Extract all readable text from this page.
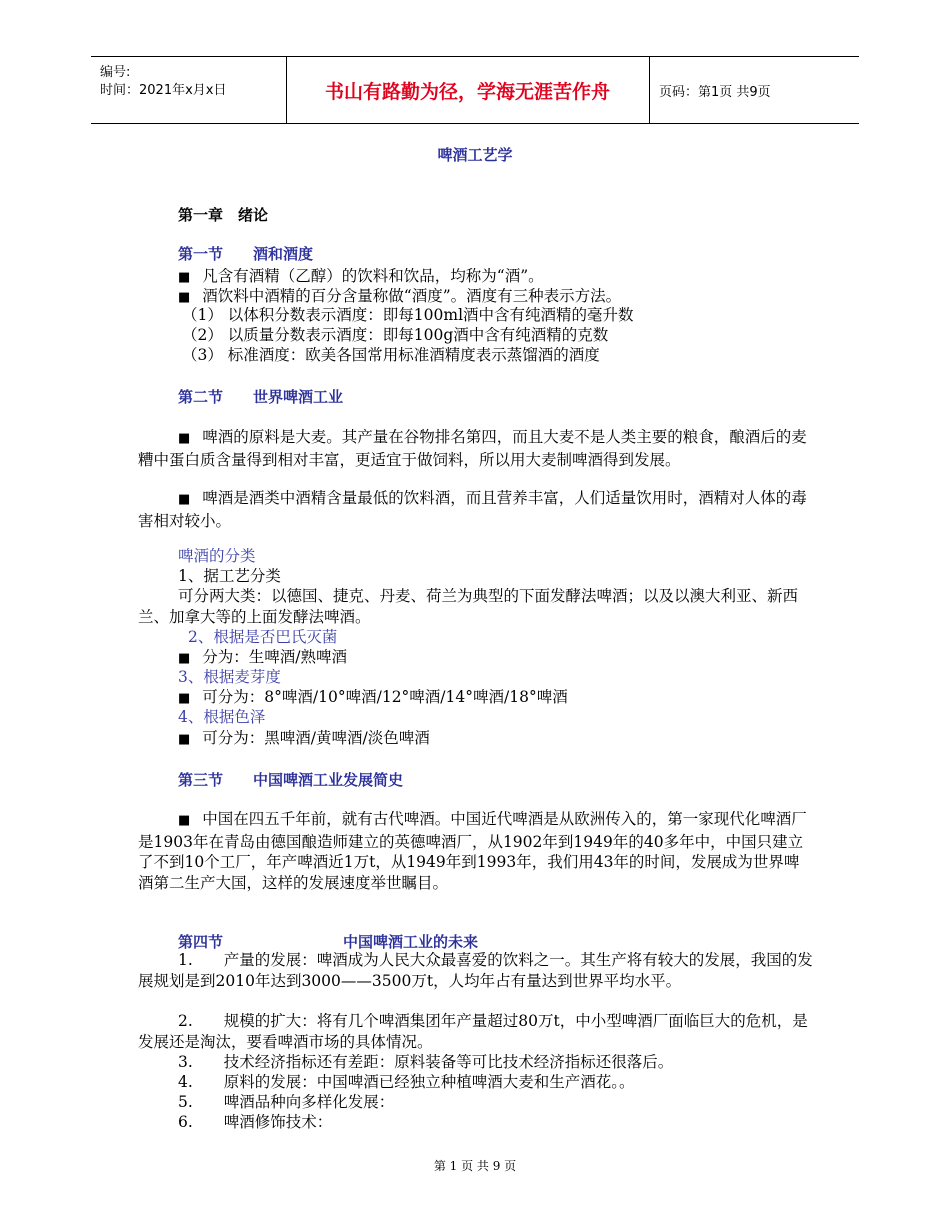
编号:
时间：2021年x月x日	书山有路勤为径，学海无涯苦作舟	页码：第1页 共9页
啤酒工艺学
第一章　绪论
第一节　　酒和酒度
■ 凡含有酒精（乙醇）的饮料和饮品，均称为“酒”。
■ 酒饮料中酒精的百分含量称做“酒度”。酒度有三种表示方法。
（1） 以体积分数表示酒度：即每100ml酒中含有纯酒精的毫升数
（2） 以质量分数表示酒度：即每100g酒中含有纯酒精的克数
（3） 标准酒度：欧美各国常用标准酒精度表示蒸馏酒的酒度
第二节　　世界啤酒工业
■ 啤酒的原料是大麦。其产量在谷物排名第四，而且大麦不是人类主要的粮食，酿酒后的麦糟中蛋白质含量得到相对丰富，更适宜于做饲料，所以用大麦制啤酒得到发展。
■ 啤酒是酒类中酒精含量最低的饮料酒，而且营养丰富，人们适量饮用时，酒精对人体的毒害相对较小。
啤酒的分类
1、据工艺分类
可分两大类：以德国、捷克、丹麦、荷兰为典型的下面发酵法啤酒；以及以澳大利亚、新西兰、加拿大等的上面发酵法啤酒。
2、根据是否巴氏灭菌
■ 分为：生啤酒/熟啤酒
3、根据麦芽度
■ 可分为：8°啤酒/10°啤酒/12°啤酒/14°啤酒/18°啤酒
4、根据色泽
■ 可分为：黑啤酒/黄啤酒/淡色啤酒
第三节　　中国啤酒工业发展简史
■ 中国在四五千年前，就有古代啤酒。中国近代啤酒是从欧洲传入的，第一家现代化啤酒厂是1903年在青岛由德国酿造师建立的英德啤酒厂，从1902年到1949年的40多年中，中国只建立了不到10个工厂，年产啤酒近1万t，从1949年到1993年，我们用43年的时间，发展成为世界啤酒第二生产大国，这样的发展速度举世瞩目。
第四节　　　　　　　　中国啤酒工业的未来
1.　　产量的发展：啤酒成为人民大众最喜爱的饮料之一。其生产将有较大的发展，我国的发展规划是到2010年达到3000——3500万t，人均年占有量达到世界平均水平。
2.　　规模的扩大：将有几个啤酒集团年产量超过80万t，中小型啤酒厂面临巨大的危机，是发展还是淘汰，要看啤酒市场的具体情况。
3.　　技术经济指标还有差距：原料装备等可比技术经济指标还很落后。
4.　　原料的发展：中国啤酒已经独立种植啤酒大麦和生产酒花。。
5.　　啤酒品种向多样化发展：
6.　　啤酒修饰技术：
第 1 页 共 9 页
